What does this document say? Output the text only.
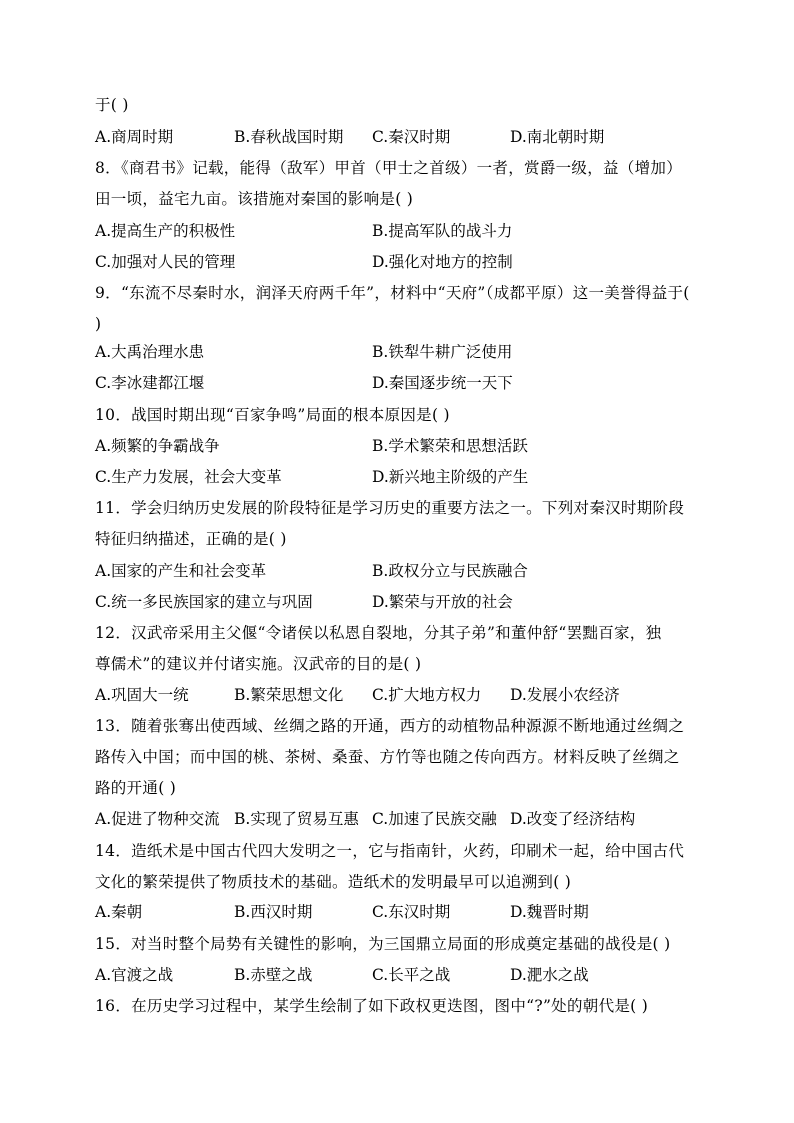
于( )
A.商周时期	B.春秋战国时期 C.秦汉时期	D.南北朝时期
8．《商君书》记载，能得（敌军）甲首（甲士之首级）一者，赏爵一级，益（增加）
田一顷，益宅九亩。该措施对秦国的影响是( )
A.提高生产的积极性	B.提高军队的战斗力
C.加强对人民的管理	D.强化对地方的控制
9．“东流不尽秦时水，润泽天府两千年”，材料中“天府”（成都平原）这一美誉得益于(
)
A.大禹治理水患	B.铁犁牛耕广泛使用
C.李冰建都江堰	D.秦国逐步统一天下
10．战国时期出现“百家争鸣”局面的根本原因是( )
A.频繁的争霸战争	B.学术繁荣和思想活跃
C.生产力发展，社会大变革	D.新兴地主阶级的产生
11．学会归纳历史发展的阶段特征是学习历史的重要方法之一。下列对秦汉时期阶段
特征归纳描述，正确的是( )
A.国家的产生和社会变革	B.政权分立与民族融合
C.统一多民族国家的建立与巩固	D.繁荣与开放的社会
12．汉武帝采用主父偃“令诸侯以私恩自裂地，分其子弟”和董仲舒“罢黜百家，独
尊儒术”的建议并付诸实施。汉武帝的目的是( )
A.巩固大一统	B.繁荣思想文化 C.扩大地方权力 D.发展小农经济
13．随着张骞出使西域、丝绸之路的开通，西方的动植物品种源源不断地通过丝绸之
路传入中国；而中国的桃、茶树、桑蚕、方竹等也随之传向西方。材料反映了丝绸之
路的开通( )
A.促进了物种交流 B.实现了贸易互惠 C.加速了民族交融 D.改变了经济结构
14．造纸术是中国古代四大发明之一，它与指南针，火药，印刷术一起，给中国古代
文化的繁荣提供了物质技术的基础。造纸术的发明最早可以追溯到( )
A.秦朝	B.西汉时期	C.东汉时期	D.魏晋时期
15．对当时整个局势有关键性的影响，为三国鼎立局面的形成奠定基础的战役是( )
A.官渡之战	B.赤壁之战	C.长平之战	D.淝水之战
16．在历史学习过程中，某学生绘制了如下政权更迭图，图中“?”处的朝代是( )
